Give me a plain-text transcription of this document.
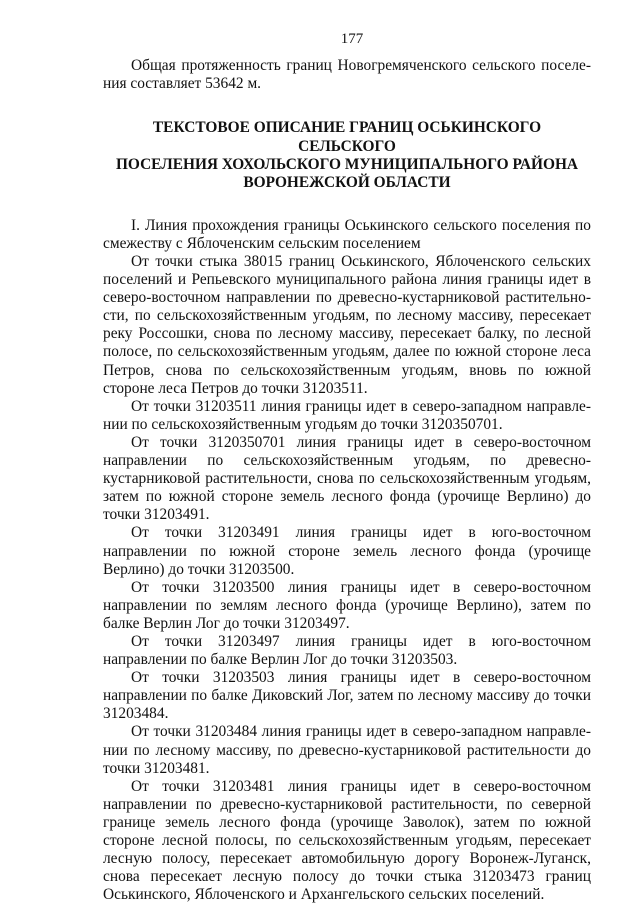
177

Общая протяженность границ Новогремяченского сельского поселения составляет 53642 м.

ТЕКСТОВОЕ ОПИСАНИЕ ГРАНИЦ ОСЬКИНСКОГО СЕЛЬСКОГО
ПОСЕЛЕНИЯ ХОХОЛЬСКОГО МУНИЦИПАЛЬНОГО РАЙОНА
ВОРОНЕЖСКОЙ ОБЛАСТИ

I. Линия прохождения границы Оськинского сельского поселения по смежеству с Яблоченским сельским поселением

От точки стыка 38015 границ Оськинского, Яблоченского сельских поселений и Репьевского муниципального района линия границы идет в северо-восточном направлении по древесно-кустарниковой растительности, по сельскохозяйственным угодьям, по лесному массиву, пересекает реку Россошки, снова по лесному массиву, пересекает балку, по лесной полосе, по сельскохозяйственным угодьям, далее по южной стороне леса Петров, снова по сельскохозяйственным угодьям, вновь по южной стороне леса Петров до точки 31203511.

От точки 31203511 линия границы идет в северо-западном направлении по сельскохозяйственным угодьям до точки 3120350701.

От точки 3120350701 линия границы идет в северо-восточном направлении по сельскохозяйственным угодьям, по древесно-кустарниковой растительности, снова по сельскохозяйственным угодьям, затем по южной стороне земель лесного фонда (урочище Верлино) до точки 31203491.

От точки 31203491 линия границы идет в юго-восточном направлении по южной стороне земель лесного фонда (урочище Верлино) до точки 31203500.

От точки 31203500 линия границы идет в северо-восточном направлении по землям лесного фонда (урочище Верлино), затем по балке Верлин Лог до точки 31203497.

От точки 31203497 линия границы идет в юго-восточном направлении по балке Верлин Лог до точки 31203503.

От точки 31203503 линия границы идет в северо-восточном направлении по балке Диковский Лог, затем по лесному массиву до точки 31203484.

От точки 31203484 линия границы идет в северо-западном направлении по лесному массиву, по древесно-кустарниковой растительности до точки 31203481.

От точки 31203481 линия границы идет в северо-восточном направлении по древесно-кустарниковой растительности, по северной границе земель лесного фонда (урочище Заволок), затем по южной стороне лесной полосы, по сельскохозяйственным угодьям, пересекает лесную полосу, пересекает автомобильную дорогу Воронеж-Луганск, снова пересекает лесную полосу до точки стыка 31203473 границ Оськинского, Яблоченского и Архангельского сельских поселений.
